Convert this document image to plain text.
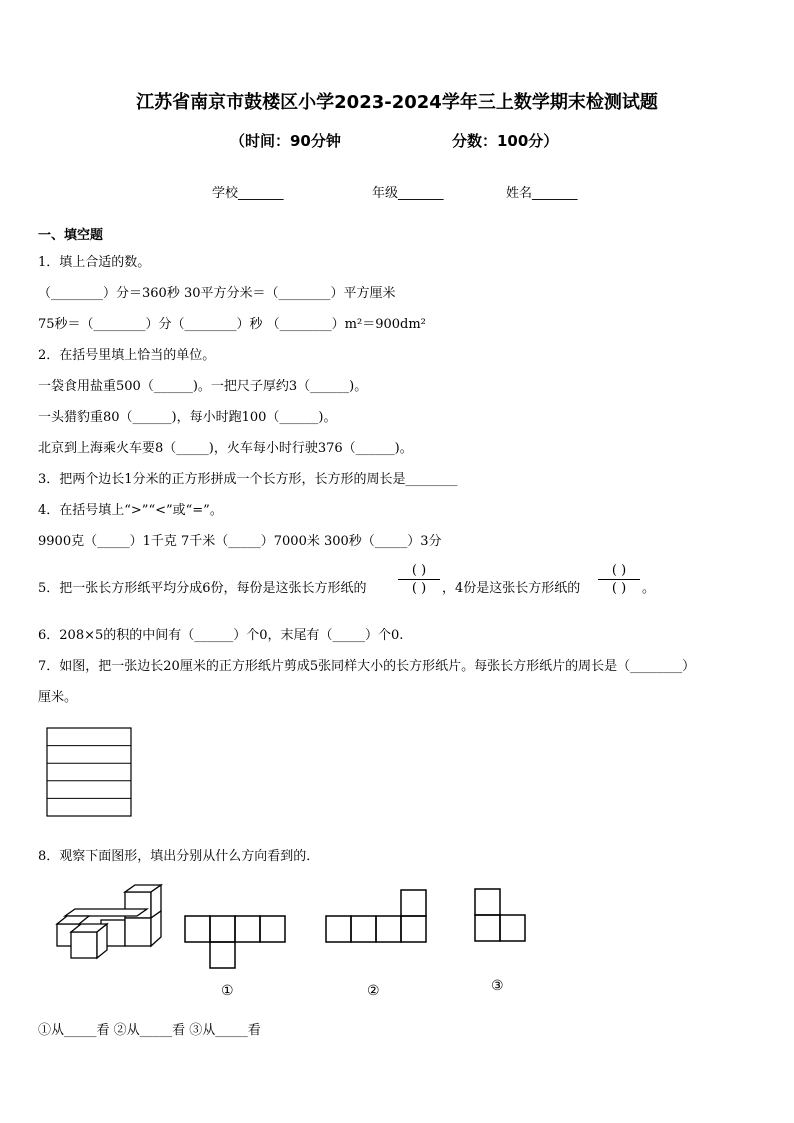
江苏省南京市鼓楼区小学2023-2024学年三上数学期末检测试题
（时间：90分钟	分数：100分）
学校_______	年级_______	姓名_______
一、填空题
1．填上合适的数。
（________）分＝360秒 30平方分米＝（________）平方厘米
75秒＝（________）分（________）秒 （________）m²＝900dm²
2．在括号里填上恰当的单位。
一袋食用盐重500（______)。一把尺子厚约3（______)。
一头猎豹重80（______)，每小时跑100（______)。
北京到上海乘火车要8（_____)，火车每小时行驶376（______)。
3．把两个边长1分米的正方形拼成一个长方形，长方形的周长是________
4．在括号填上“>”“<”或“=”。
9900克（_____）1千克 7千米（_____）7000米 300秒（_____）3分
5．把一张长方形纸平均分成6份，每份是这张长方形纸的
( )
( ) ，4份是这张长方形纸的
( )
( ) 。
6．208×5的积的中间有（______）个0，末尾有（_____）个0.
7．如图，把一张边长20厘米的正方形纸片剪成5张同样大小的长方形纸片。每张长方形纸片的周长是（________）
厘米。
8．观察下面图形，填出分别从什么方向看到的．
①	②	③
①从_____看 ②从_____看 ③从_____看
